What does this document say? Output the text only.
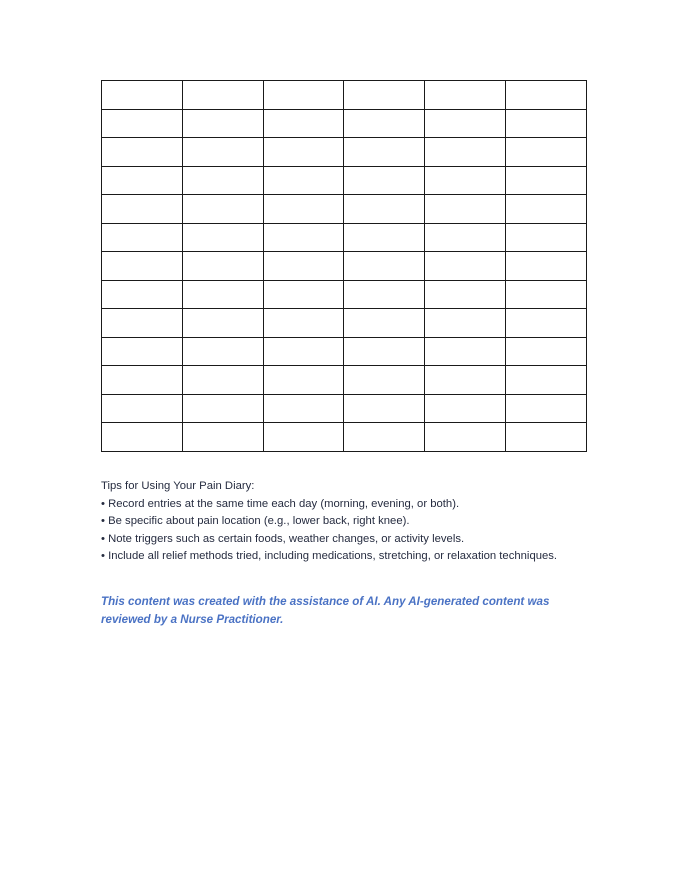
Tips for Using Your Pain Diary:
• Record entries at the same time each day (morning, evening, or both).
• Be specific about pain location (e.g., lower back, right knee).
• Note triggers such as certain foods, weather changes, or activity levels.
• Include all relief methods tried, including medications, stretching, or relaxation techniques.
This content was created with the assistance of AI. Any AI-generated content was reviewed by a Nurse Practitioner.
